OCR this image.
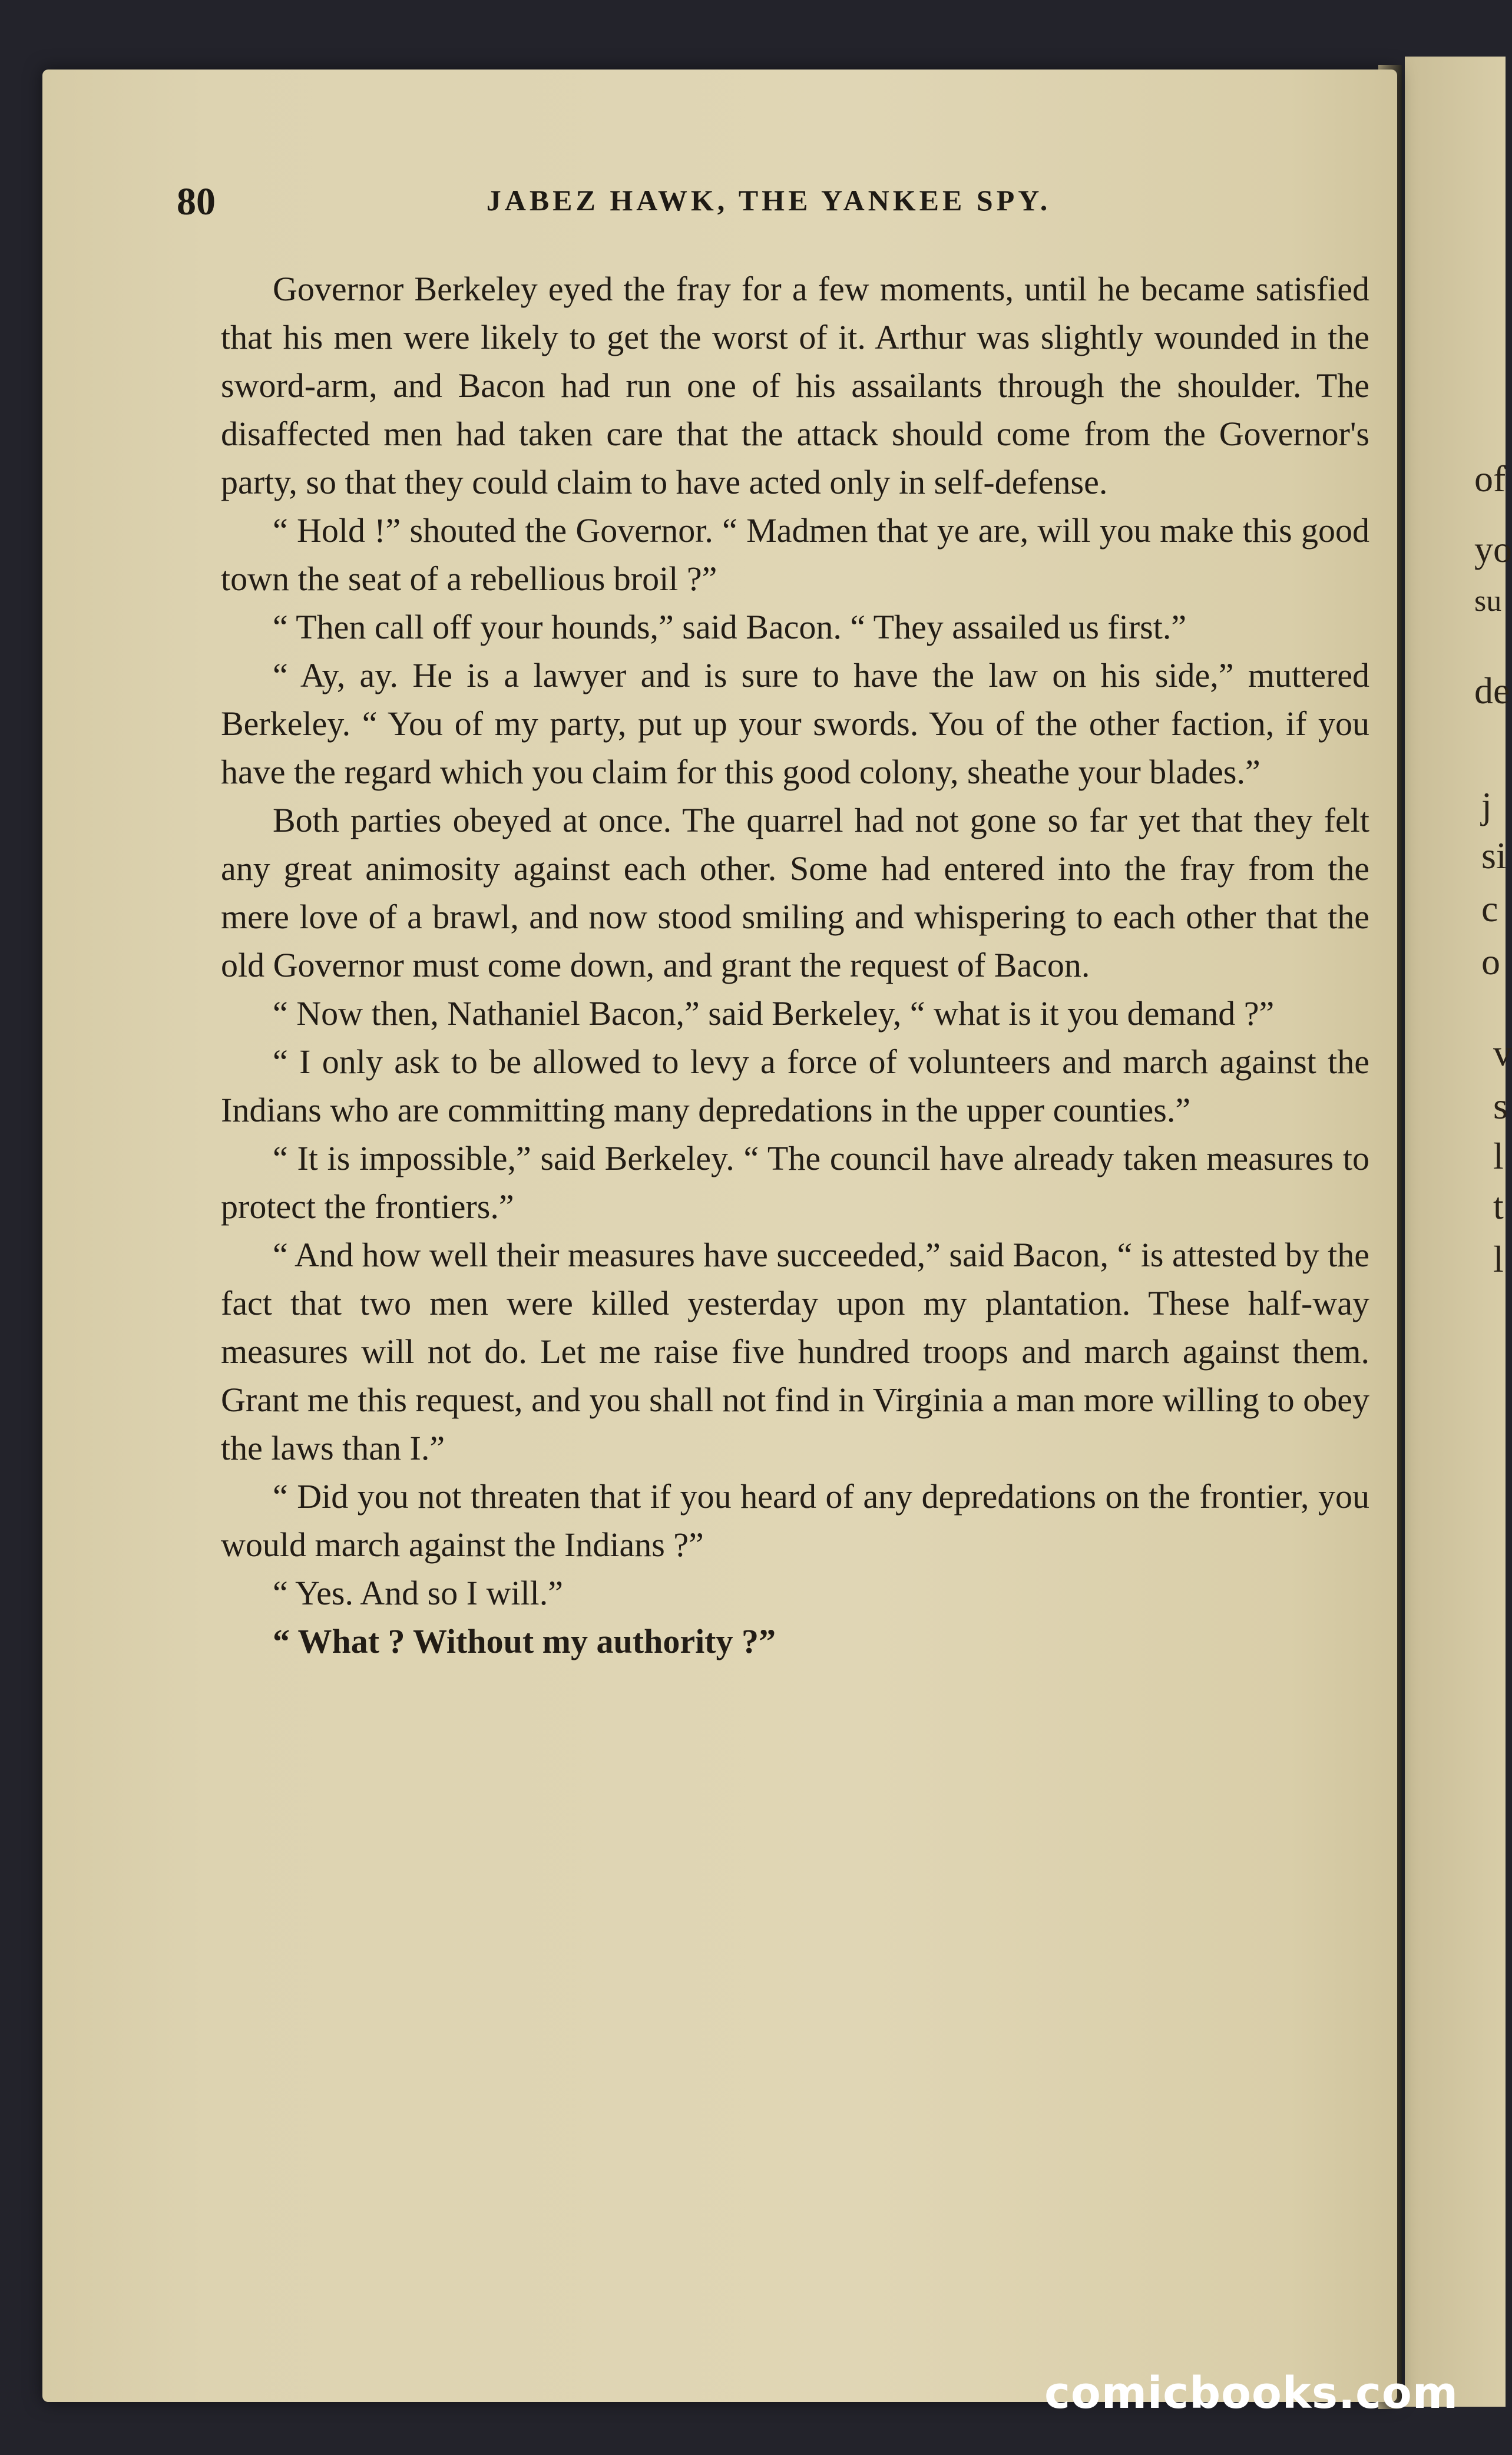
of
yo
su
de
j
si
c
o
v
s
l
t
l
80	JABEZ HAWK, THE YANKEE SPY.

Governor Berkeley eyed the fray for a few moments, until he became satisfied that his men were likely to get the worst of it. Arthur was slightly wounded in the sword-arm, and Bacon had run one of his assailants through the shoulder. The disaffected men had taken care that the attack should come from the Governor's party, so that they could claim to have acted only in self-defense.

“ Hold !” shouted the Governor. “ Madmen that ye are, will you make this good town the seat of a rebellious broil ?”

“ Then call off your hounds,” said Bacon. “ They assailed us first.”

“ Ay, ay. He is a lawyer and is sure to have the law on his side,” muttered Berkeley. “ You of my party, put up your swords. You of the other faction, if you have the regard which you claim for this good colony, sheathe your blades.”

Both parties obeyed at once. The quarrel had not gone so far yet that they felt any great animosity against each other. Some had entered into the fray from the mere love of a brawl, and now stood smiling and whispering to each other that the old Governor must come down, and grant the request of Bacon.

“ Now then, Nathaniel Bacon,” said Berkeley, “ what is it you demand ?”

“ I only ask to be allowed to levy a force of volunteers and march against the Indians who are committing many depredations in the upper counties.”

“ It is impossible,” said Berkeley. “ The council have already taken measures to protect the frontiers.”

“ And how well their measures have succeeded,” said Bacon, “ is attested by the fact that two men were killed yesterday upon my plantation. These half-way measures will not do. Let me raise five hundred troops and march against them. Grant me this request, and you shall not find in Virginia a man more willing to obey the laws than I.”

“ Did you not threaten that if you heard of any depredations on the frontier, you would march against the Indians ?”

“ Yes. And so I will.”

“ What ? Without my authority ?”

comicbooks.com
